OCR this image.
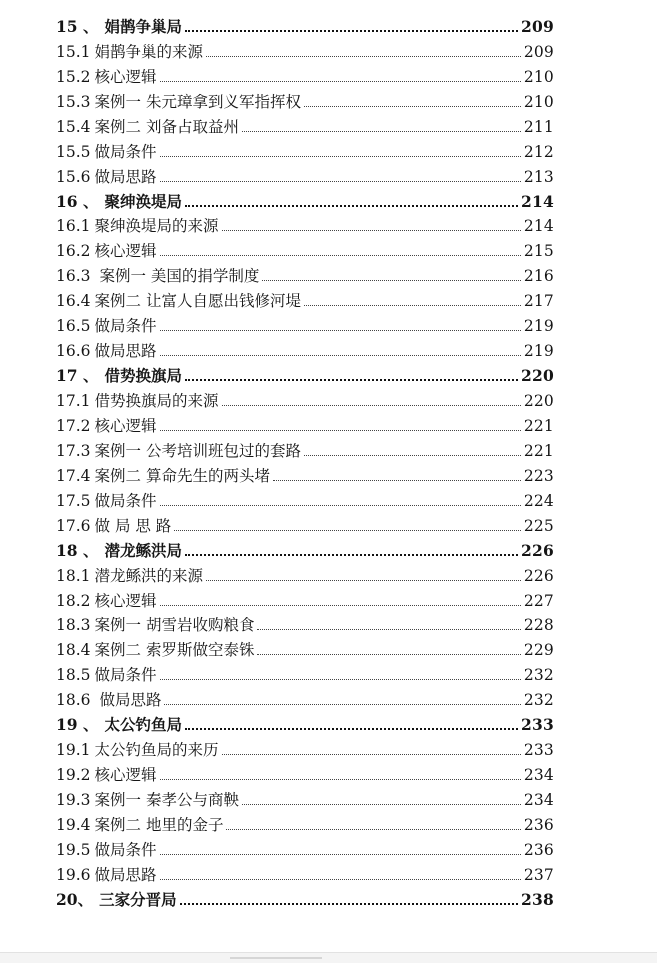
15 、 娟鹊争巢局	209
15.1 娟鹊争巢的来源	209
15.2 核心逻辑	210
15.3 案例一 朱元璋拿到义军指挥权	210
15.4 案例二 刘备占取益州	211
15.5 做局条件	212
15.6 做局思路	213
16 、 聚绅涣堤局	214
16.1 聚绅涣堤局的来源	214
16.2 核心逻辑	215
16.3 案例一 美国的捐学制度	216
16.4 案例二 让富人自愿出钱修河堤	217
16.5 做局条件	219
16.6 做局思路	219
17 、 借势换旗局	220
17.1 借势换旗局的来源	220
17.2 核心逻辑	221
17.3 案例一 公考培训班包过的套路	221
17.4 案例二 算命先生的两头堵	223
17.5 做局条件	224
17.6 做 局 思 路	225
18 、 潜龙鲧洪局	226
18.1 潜龙鲧洪的来源	226
18.2 核心逻辑	227
18.3 案例一 胡雪岩收购粮食	228
18.4 案例二 索罗斯做空泰铢	229
18.5 做局条件	232
18.6 做局思路	232
19 、 太公钓鱼局	233
19.1 太公钓鱼局的来历	233
19.2 核心逻辑	234
19.3 案例一 秦孝公与商鞅	234
19.4 案例二 地里的金子	236
19.5 做局条件	236
19.6 做局思路	237
20、 三家分晋局	238
